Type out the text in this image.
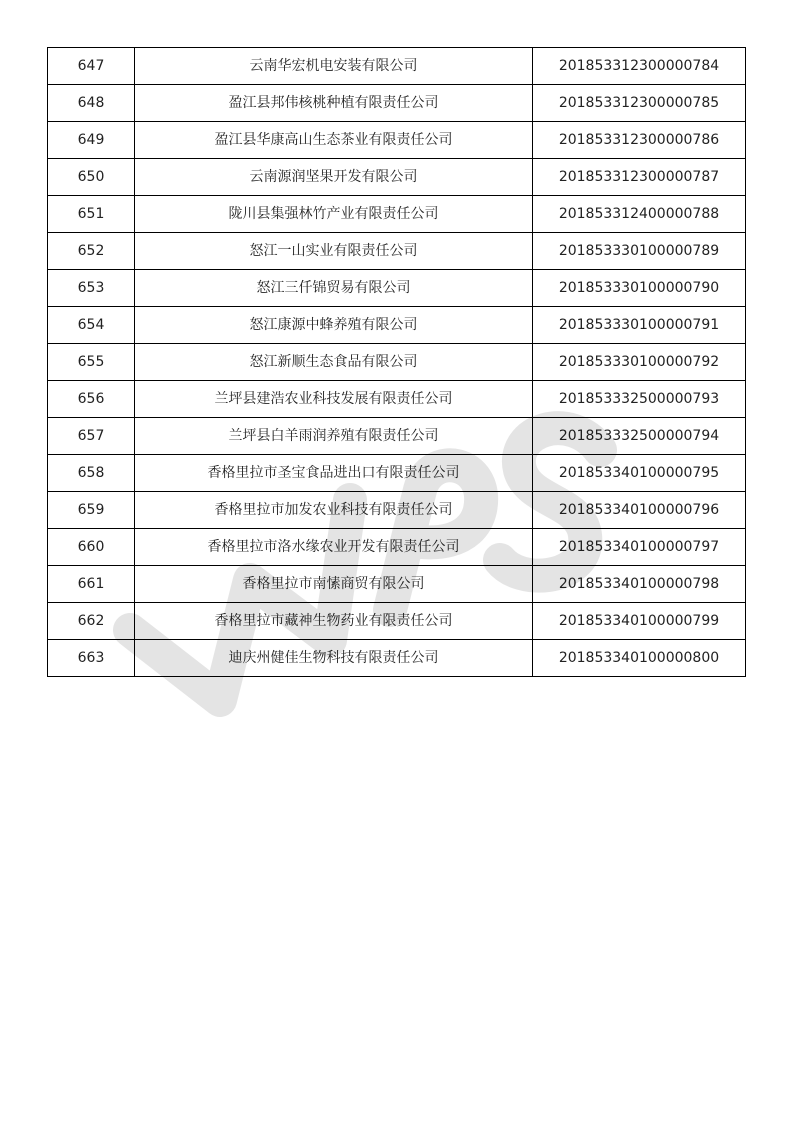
647	云南华宏机电安装有限公司	201853312300000784
648	盈江县邦伟核桃种植有限责任公司	201853312300000785
649	盈江县华康高山生态茶业有限责任公司	201853312300000786
650	云南源润坚果开发有限公司	201853312300000787
651	陇川县集强林竹产业有限责任公司	201853312400000788
652	怒江一山实业有限责任公司	201853330100000789
653	怒江三仟锦贸易有限公司	201853330100000790
654	怒江康源中蜂养殖有限公司	201853330100000791
655	怒江新顺生态食品有限公司	201853330100000792
656	兰坪县建浩农业科技发展有限责任公司	201853332500000793
657	兰坪县白羊雨润养殖有限责任公司	201853332500000794
658	香格里拉市圣宝食品进出口有限责任公司	201853340100000795
659	香格里拉市加发农业科技有限责任公司	201853340100000796
660	香格里拉市洛水缘农业开发有限责任公司	201853340100000797
661	香格里拉市南愫商贸有限公司	201853340100000798
662	香格里拉市藏神生物药业有限责任公司	201853340100000799
663	迪庆州健佳生物科技有限责任公司	201853340100000800
